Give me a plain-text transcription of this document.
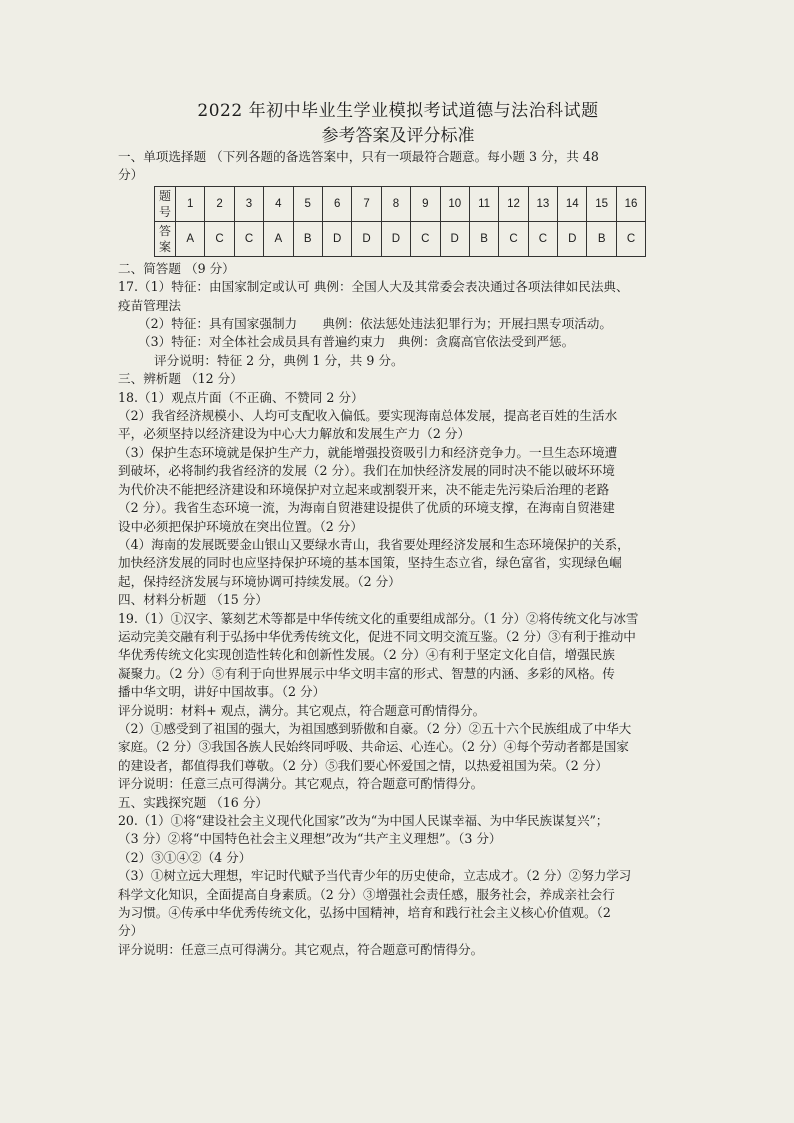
2022 年初中毕业生学业模拟考试道德与法治科试题
参考答案及评分标准
一、单项选择题 （下列各题的备选答案中，只有一项最符合题意。每小题 3 分，共 48
分）
题号	1	2	3	4	5	6	7	8	9	10	11	12	13	14	15	16
答案	A	C	C	A	B	D	D	D	C	D	B	C	C	D	B	C
二、简答题 （9 分）
17.（1）特征：由国家制定或认可 典例：全国人大及其常委会表决通过各项法律如民法典、
疫苗管理法
（2）特征：具有国家强制力　　典例：依法惩处违法犯罪行为；开展扫黑专项活动。
（3）特征：对全体社会成员具有普遍约束力　典例：贪腐高官依法受到严惩。
评分说明：特征 2 分，典例 1 分，共 9 分。
三、辨析题 （12 分）
18.（1）观点片面（不正确、不赞同 2 分）
（2）我省经济规模小、人均可支配收入偏低。要实现海南总体发展，提高老百姓的生活水
平，必须坚持以经济建设为中心大力解放和发展生产力（2 分）
（3）保护生态环境就是保护生产力，就能增强投资吸引力和经济竞争力。一旦生态环境遭
到破坏，必将制约我省经济的发展（2 分）。我们在加快经济发展的同时决不能以破坏环境
为代价决不能把经济建设和环境保护对立起来或割裂开来，决不能走先污染后治理的老路
（2 分）。我省生态环境一流，为海南自贸港建设提供了优质的环境支撑，在海南自贸港建
设中必须把保护环境放在突出位置。（2 分）
（4）海南的发展既要金山银山又要绿水青山，我省要处理经济发展和生态环境保护的关系，
加快经济发展的同时也应坚持保护环境的基本国策，坚持生态立省，绿色富省，实现绿色崛
起，保持经济发展与环境协调可持续发展。（2 分）
四、材料分析题 （15 分）
19.（1）①汉字、篆刻艺术等都是中华传统文化的重要组成部分。（1 分）②将传统文化与冰雪
运动完美交融有利于弘扬中华优秀传统文化，促进不同文明交流互鉴。（2 分）③有利于推动中
华优秀传统文化实现创造性转化和创新性发展。（2 分）④有利于坚定文化自信，增强民族
凝聚力。（2 分）⑤有利于向世界展示中华文明丰富的形式、智慧的内涵、多彩的风格。传
播中华文明，讲好中国故事。（2 分）
评分说明：材料+ 观点，满分。其它观点，符合题意可酌情得分。
（2）①感受到了祖国的强大，为祖国感到骄傲和自豪。（2 分）②五十六个民族组成了中华大
家庭。（2 分）③我国各族人民始终同呼吸、共命运、心连心。（2 分）④每个劳动者都是国家
的建设者，都值得我们尊敬。（2 分）⑤我们要心怀爱国之情，以热爱祖国为荣。（2 分）
评分说明：任意三点可得满分。其它观点，符合题意可酌情得分。
五、实践探究题 （16 分）
20.（1）①将“建设社会主义现代化国家”改为“为中国人民谋幸福、为中华民族谋复兴”；
（3 分）②将“中国特色社会主义理想”改为“共产主义理想”。（3 分）
（2）③①④②（4 分）
（3）①树立远大理想，牢记时代赋予当代青少年的历史使命，立志成才。（2 分）②努力学习
科学文化知识，全面提高自身素质。（2 分）③增强社会责任感，服务社会，养成亲社会行
为习惯。④传承中华优秀传统文化，弘扬中国精神，培育和践行社会主义核心价值观。（2
分）
评分说明：任意三点可得满分。其它观点，符合题意可酌情得分。
